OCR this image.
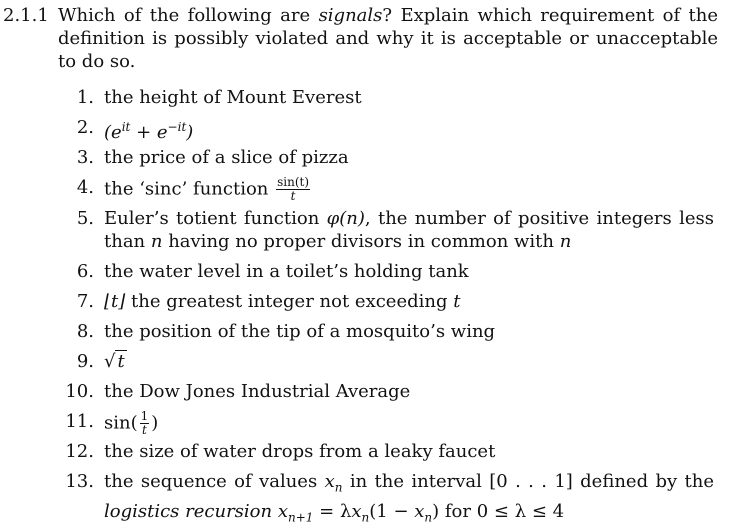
2.1.1 Which of the following are signals? Explain which requirement of the definition is possibly violated and why it is acceptable or unacceptable to do so.
1. the height of Mount Everest
2. $(e^{it} + e^{-it})$
3. the price of a slice of pizza
4. the ‘sinc’ function $\frac{\sin(t)}{t}$
5. Euler’s totient function φ(n), the number of positive integers less than n having no proper divisors in common with n
6. the water level in a toilet’s holding tank
7. ⌊t⌋ the greatest integer not exceeding t
8. the position of the tip of a mosquito’s wing
9. √ t
10. the Dow Jones Industrial Average
11. $\sin( \frac{1}{t}$ )
12. the size of water drops from a leaky faucet
13. the sequence of values $x_n$ in the interval [0 . . . 1] defined by the logistics recursion $x_{n+1} = \lambda x_n(1 - x_n)$ for 0 ≤ λ ≤ 4
